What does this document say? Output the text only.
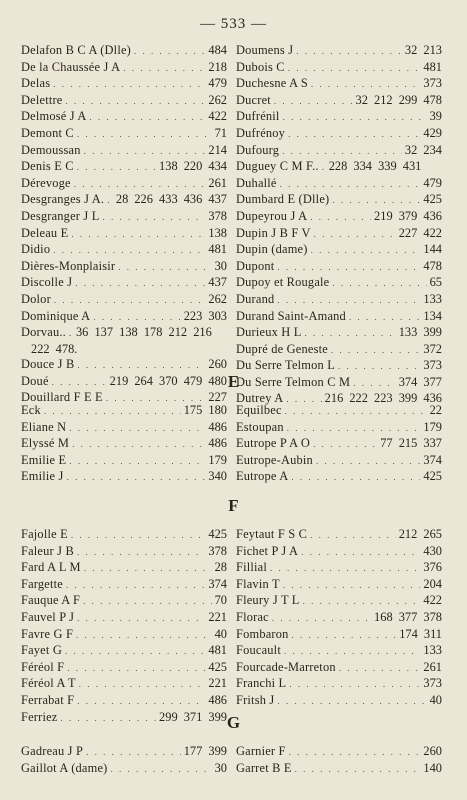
— 533 —
Delafon B C A (Dlle) . . .	484
De la Chaussée J A . . .	218
Delas . . .	479
Delettre . . .	262
Delmosé J A . . .	422
Demont C . . .	71
Demoussan . . .	214
Denis E C . . .	138 220 434
Dérevoge . . .	261
Desgranges J A. . . . 28 226 433 436 437
Desgranger J L . . .	378
Deleau E . . .	138
Didio . . .	481
Dières-Monplaisir . . .	30
Discolle J . . .	437
Dolor . . .	262
Dominique A . . .	223 303
Dorvau.. . . . 36 137 138 178 212 216
222 478.
Douce J B . . .	260
Doué . . .	219 264 370 479 480
Douillard F E E . . .	227
Doumens J . . .	32 213
Dubois C . . .	481
Duchesne A S . . .	373
Ducret . . .	32 212 299 478
Dufrénil . . .	39
Dufrénoy . . .	429
Dufourg . . .	32 234
Duguey C M F.. . . . 228 334 339 431
Duhallé . . .	479
Dumbard E (Dlle) . . .	425
Dupeyrou J A . . .	219 379 436
Dupin J B F V . . .	227 422
Dupin (dame) . . .	144
Dupont . . .	478
Dupoy et Rougale . . .	65
Durand . . .	133
Durand Saint-Amand . . .	134
Durieux H L . . .	133 399
Dupré de Geneste . . .	372
Du Serre Telmon L . . .	373
Du Serre Telmon C M . . .	374 377
Dutrey A . . .	216 222 223 399 436
E
Eck . . .	175 180
Eliane N . . .	486
Elyssé M . . .	486
Emilie E . . .	179
Emilie J . . .	340
Equilbec . . .	22
Estoupan . . .	179
Eutrope P A O . . .	77 215 337
Eutrope-Aubin . . .	374
Eutrope A . . .	425
F
Fajolle E . . .	425
Faleur J B . . .	378
Fard A L M . . .	28
Fargette . . .	374
Fauque A F . . .	70
Fauvel P J . . .	221
Favre G F . . .	40
Fayet G . . .	481
Féréol F . . .	425
Féréol A T . . .	221
Ferrabat F . . .	486
Ferriez . . .	299 371 399
Feytaut F S C . . .	212 265
Fichet P J A . . .	430
Fillial . . .	376
Flavin T . . .	204
Fleury J T L . . .	422
Florac . . .	168 377 378
Fombaron . . .	174 311
Foucault . . .	133
Fourcade-Marreton . . .	261
Franchi L . . .	373
Fritsh J . . .	40
G
Gadreau J P . . .	177 399
Gaillot A (dame) . . .	30
Garnier F . . .	260
Garret B E . . .	140
